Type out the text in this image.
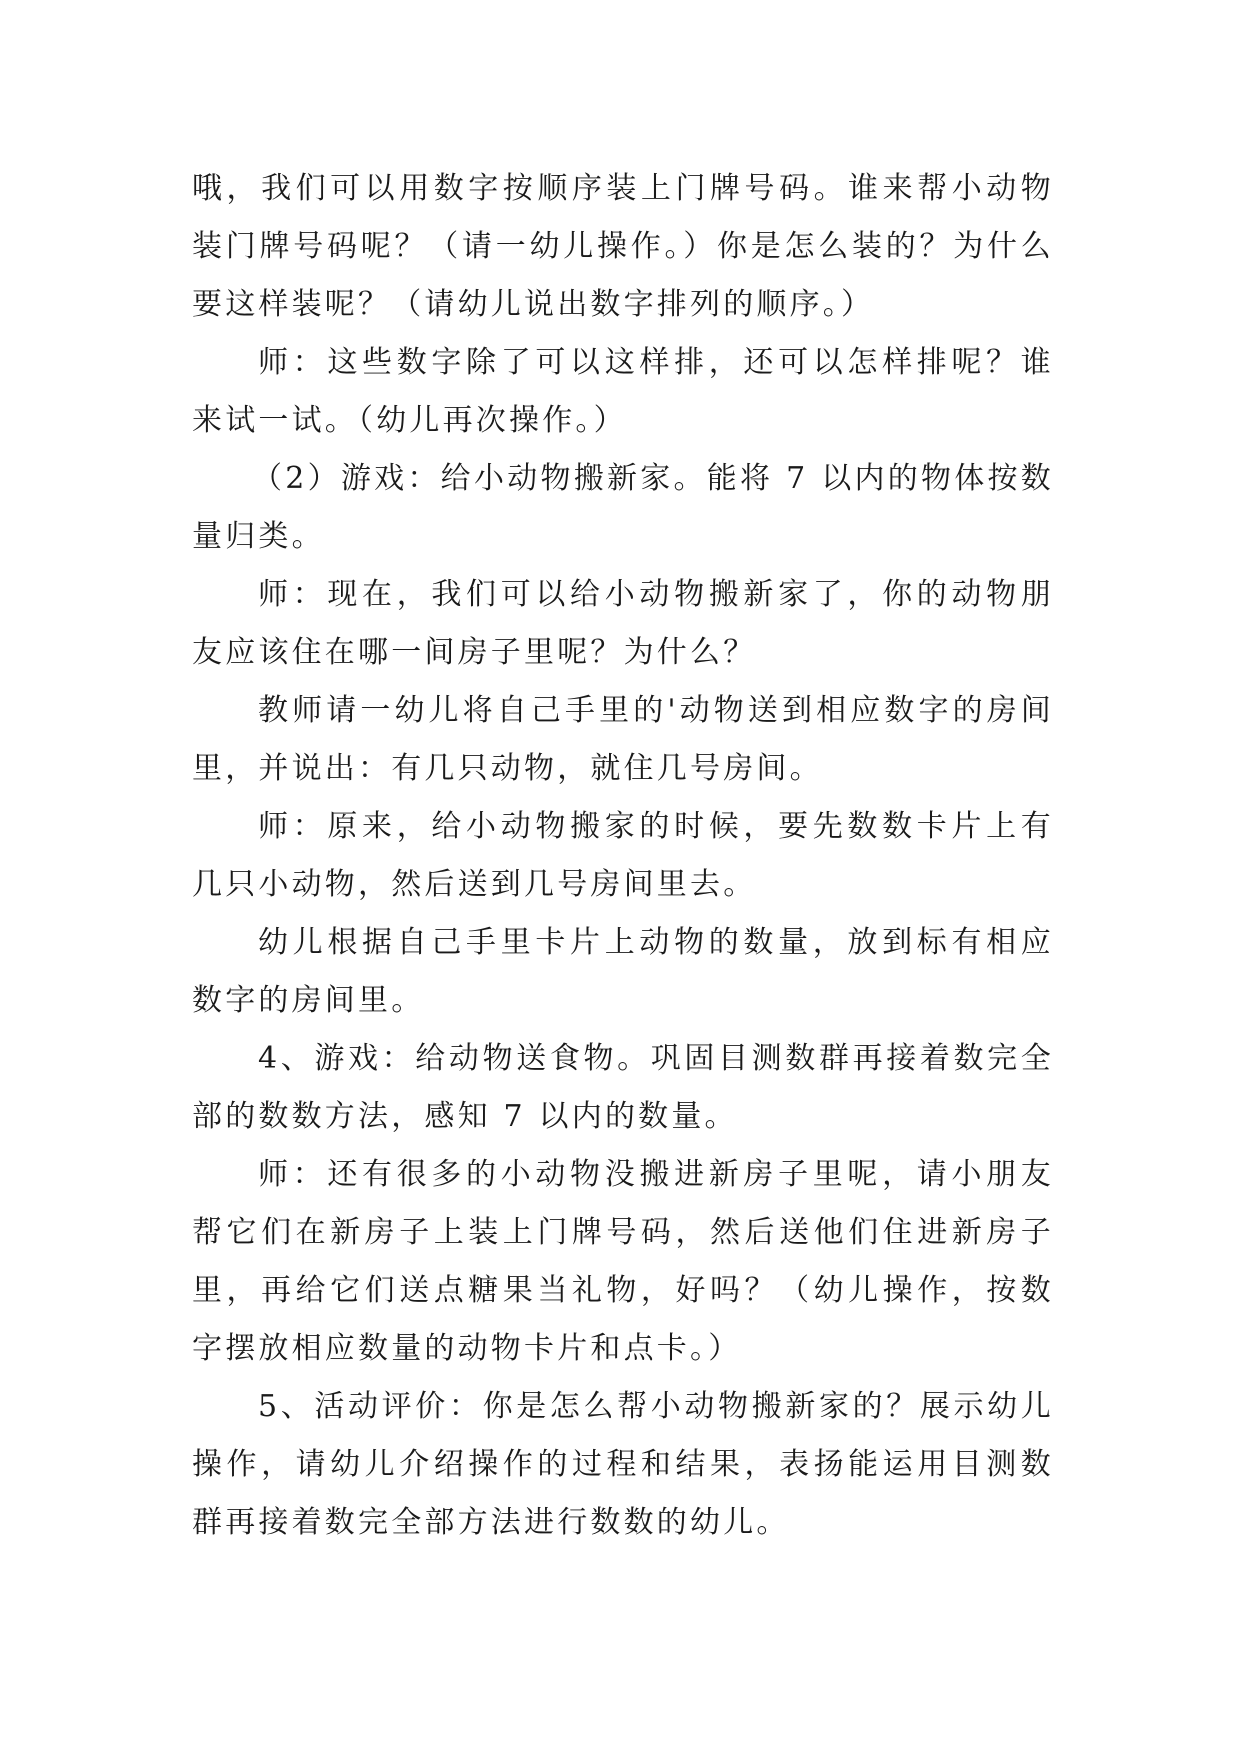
哦，我们可以用数字按顺序装上门牌号码。谁来帮小动物装门牌号码呢？（请一幼儿操作。）你是怎么装的？为什么要这样装呢？（请幼儿说出数字排列的顺序。）

师：这些数字除了可以这样排，还可以怎样排呢？谁来试一试。（幼儿再次操作。）

（2）游戏：给小动物搬新家。能将 7 以内的物体按数量归类。

师：现在，我们可以给小动物搬新家了，你的动物朋友应该住在哪一间房子里呢？为什么？

教师请一幼儿将自己手里的'动物送到相应数字的房间里，并说出：有几只动物，就住几号房间。

师：原来，给小动物搬家的时候，要先数数卡片上有几只小动物，然后送到几号房间里去。

幼儿根据自己手里卡片上动物的数量，放到标有相应数字的房间里。

4、游戏：给动物送食物。巩固目测数群再接着数完全部的数数方法，感知 7 以内的数量。

师：还有很多的小动物没搬进新房子里呢，请小朋友帮它们在新房子上装上门牌号码，然后送他们住进新房子里，再给它们送点糖果当礼物，好吗？（幼儿操作，按数字摆放相应数量的动物卡片和点卡。）

5、活动评价：你是怎么帮小动物搬新家的？展示幼儿操作，请幼儿介绍操作的过程和结果，表扬能运用目测数群再接着数完全部方法进行数数的幼儿。
